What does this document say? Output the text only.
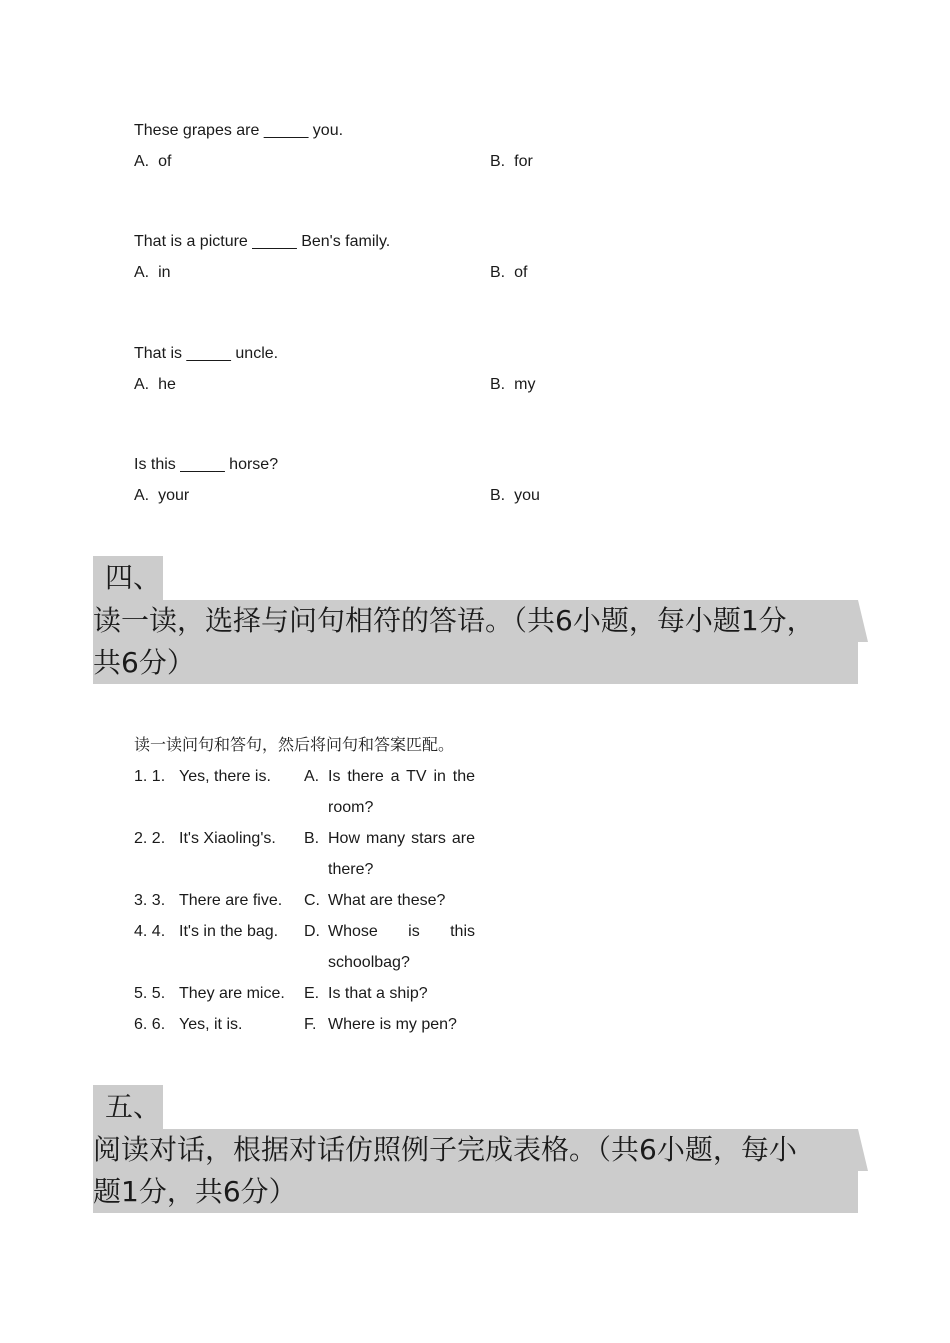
These grapes are _____ you.
A. of	B. for
That is a picture _____ Ben's family.
A. in	B. of
That is _____ uncle.
A. he	B. my
Is this _____ horse?
A. your	B. you
四、
读一读，选择与问句相符的答语。（共6小题，每小题1分，
共6分）
读一读问句和答句，然后将问句和答案匹配。
1. 1. Yes, there is. A. Is there a TV in the room?
2. 2. It's Xiaoling's. B. How many stars are there?
3. 3. There are five. C. What are these?
4. 4. It's in the bag. D. Whose is this schoolbag?
5. 5. They are mice. E. Is that a ship?
6. 6. Yes, it is.	F. Where is my pen?
五、
阅读对话，根据对话仿照例子完成表格。（共6小题，每小
题1分，共6分）
